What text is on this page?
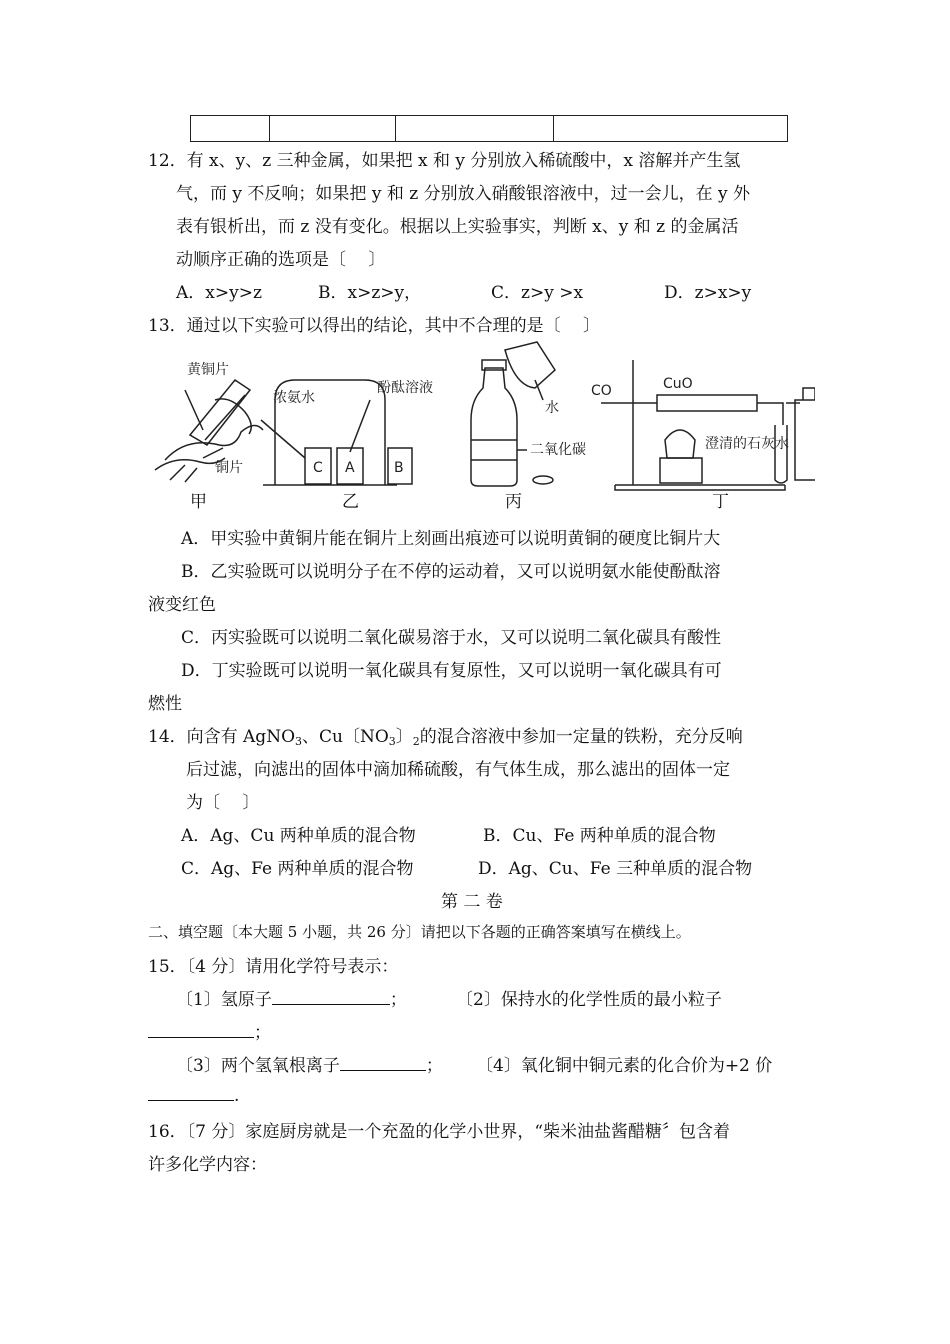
12．有 x、y、z 三种金属，如果把 x 和 y 分别放入稀硫酸中，x 溶解并产生氢
气，而 y 不反响；如果把 y 和 z 分别放入硝酸银溶液中，过一会儿，在 y 外
表有银析出，而 z 没有变化。根据以上实验事实，判断 x、y 和 z 的金属活
动顺序正确的选项是〔　 〕
A．x>y>z	B．x>z>y，	C．z>y >x	D．z>x>y
13．通过以下实验可以得出的结论，其中不合理的是〔　 〕
黄铜片
铜片
浓氨水
酚酞溶液
C A	B
水
二氧化碳
CO	CuO
澄清的石灰水
甲	乙	丙	丁
A．甲实验中黄铜片能在铜片上刻画出痕迹可以说明黄铜的硬度比铜片大
B．乙实验既可以说明分子在不停的运动着，又可以说明氨水能使酚酞溶
液变红色
C．丙实验既可以说明二氧化碳易溶于水，又可以说明二氧化碳具有酸性
D．丁实验既可以说明一氧化碳具有复原性，又可以说明一氧化碳具有可
燃性
14．向含有 AgNO$_3$、Cu〔$NO_3$〕$_2$的混合溶液中参加一定量的铁粉，充分反响
后过滤，向滤出的固体中滴加稀硫酸，有气体生成，那么滤出的固体一定
为〔　 〕
A．Ag、Cu 两种单质的混合物	B．Cu、Fe 两种单质的混合物
C．Ag、Fe 两种单质的混合物	D．Ag、Cu、Fe 三种单质的混合物
第 二 卷
二、填空题〔本大题 5 小题，共 26 分〕请把以下各题的正确答案填写在横线上。
15．〔4 分〕请用化学符号表示：
〔1〕氢原子	；	〔2〕保持水的化学性质的最小粒子
；
〔3〕两个氢氧根离子	； 〔4〕氧化铜中铜元素的化合价为+2 价
.
16．〔7 分〕家庭厨房就是一个充盈的化学小世界，“柴米油盐酱醋糖〞包含着
许多化学内容：
